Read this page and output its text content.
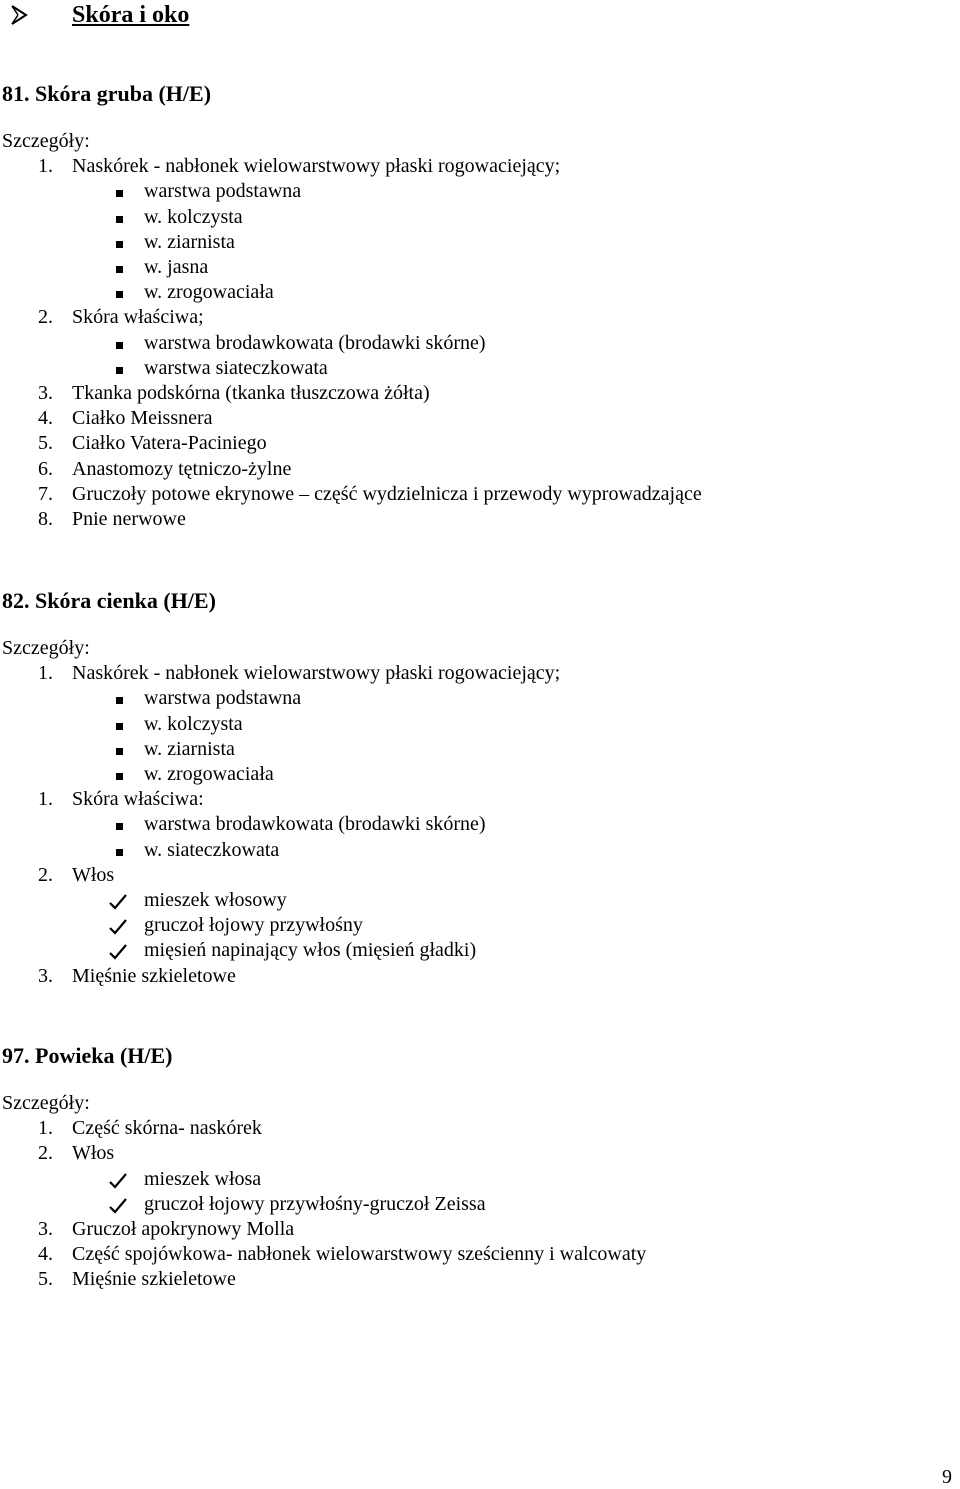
Skóra i oko
81. Skóra gruba (H/E)
Szczegóły:
1. Naskórek - nabłonek wielowarstwowy płaski rogowaciejący;
warstwa podstawna
w. kolczysta
w. ziarnista
w. jasna
w. zrogowaciała
2. Skóra właściwa;
warstwa brodawkowata (brodawki skórne)
warstwa siateczkowata
3. Tkanka podskórna (tkanka tłuszczowa żółta)
4. Ciałko Meissnera
5. Ciałko Vatera-Paciniego
6. Anastomozy tętniczo-żylne
7. Gruczoły potowe ekrynowe – część wydzielnicza i przewody wyprowadzające
8. Pnie nerwowe
82. Skóra cienka (H/E)
Szczegóły:
1. Naskórek - nabłonek wielowarstwowy płaski rogowaciejący;
warstwa podstawna
w. kolczysta
w. ziarnista
w. zrogowaciała
1. Skóra właściwa:
warstwa brodawkowata (brodawki skórne)
w. siateczkowata
2. Włos
mieszek włosowy
gruczoł łojowy przywłośny
mięsień napinający włos (mięsień gładki)
3. Mięśnie szkieletowe
97. Powieka (H/E)
Szczegóły:
1. Część skórna- naskórek
2. Włos
mieszek włosa
gruczoł łojowy przywłośny-gruczoł Zeissa
3. Gruczoł apokrynowy Molla
4. Część spojówkowa- nabłonek wielowarstwowy sześcienny i walcowaty
5. Mięśnie szkieletowe
9
